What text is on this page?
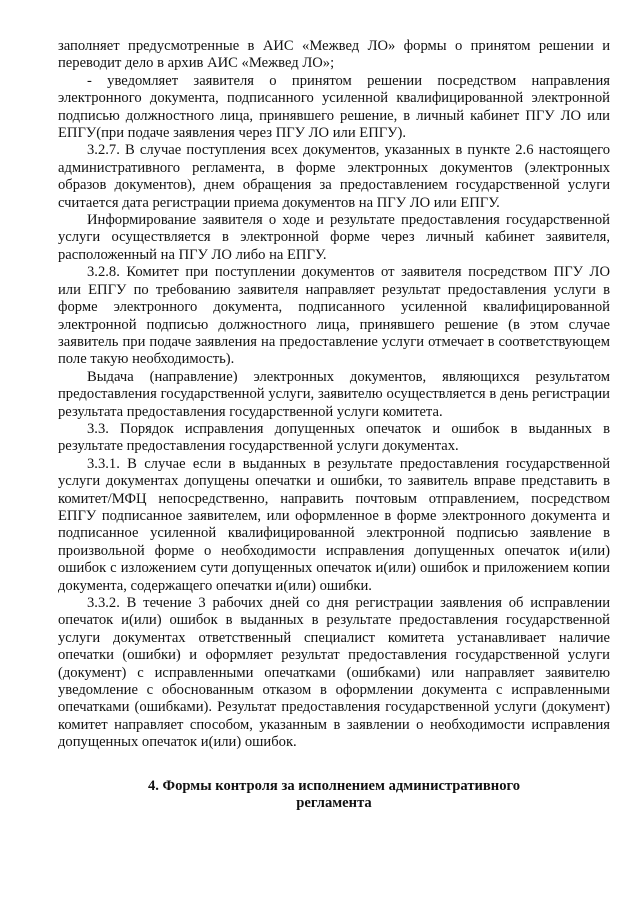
заполняет предусмотренные в АИС «Межвед ЛО» формы о принятом решении и переводит дело в архив АИС «Межвед ЛО»;

- уведомляет заявителя о принятом решении посредством направления электронного документа, подписанного усиленной квалифицированной электронной подписью должностного лица, принявшего решение, в личный кабинет ПГУ ЛО или ЕПГУ(при подаче заявления через ПГУ ЛО или ЕПГУ).

3.2.7. В случае поступления всех документов, указанных в пункте 2.6 настоящего административного регламента, в форме электронных документов (электронных образов документов), днем обращения за предоставлением государственной услуги считается дата регистрации приема документов на ПГУ ЛО или ЕПГУ.

Информирование заявителя о ходе и результате предоставления государственной услуги осуществляется в электронной форме через личный кабинет заявителя, расположенный на ПГУ ЛО либо на ЕПГУ.

3.2.8. Комитет при поступлении документов от заявителя посредством ПГУ ЛО или ЕПГУ по требованию заявителя направляет результат предоставления услуги в форме электронного документа, подписанного усиленной квалифицированной электронной подписью должностного лица, принявшего решение (в этом случае заявитель при подаче заявления на предоставление услуги отмечает в соответствующем поле такую необходимость).

Выдача (направление) электронных документов, являющихся результатом предоставления государственной услуги, заявителю осуществляется в день регистрации результата предоставления государственной услуги комитета.

3.3. Порядок исправления допущенных опечаток и ошибок в выданных в результате предоставления государственной услуги документах.

3.3.1. В случае если в выданных в результате предоставления государственной услуги документах допущены опечатки и ошибки, то заявитель вправе представить в комитет/МФЦ непосредственно, направить почтовым отправлением, посредством ЕПГУ подписанное заявителем, или оформленное в форме электронного документа и подписанное усиленной квалифицированной электронной подписью заявление в произвольной форме о необходимости исправления допущенных опечаток и(или) ошибок с изложением сути допущенных опечаток и(или) ошибок и приложением копии документа, содержащего опечатки и(или) ошибки.

3.3.2. В течение 3 рабочих дней со дня регистрации заявления об исправлении опечаток и(или) ошибок в выданных в результате предоставления государственной услуги документах ответственный специалист комитета устанавливает наличие опечатки (ошибки) и оформляет результат предоставления государственной услуги (документ) с исправленными опечатками (ошибками) или направляет заявителю уведомление с обоснованным отказом в оформлении документа с исправленными опечатками (ошибками). Результат предоставления государственной услуги (документ) комитет направляет способом, указанным в заявлении о необходимости исправления допущенных опечаток и(или) ошибок.

4. Формы контроля за исполнением административного
регламента
